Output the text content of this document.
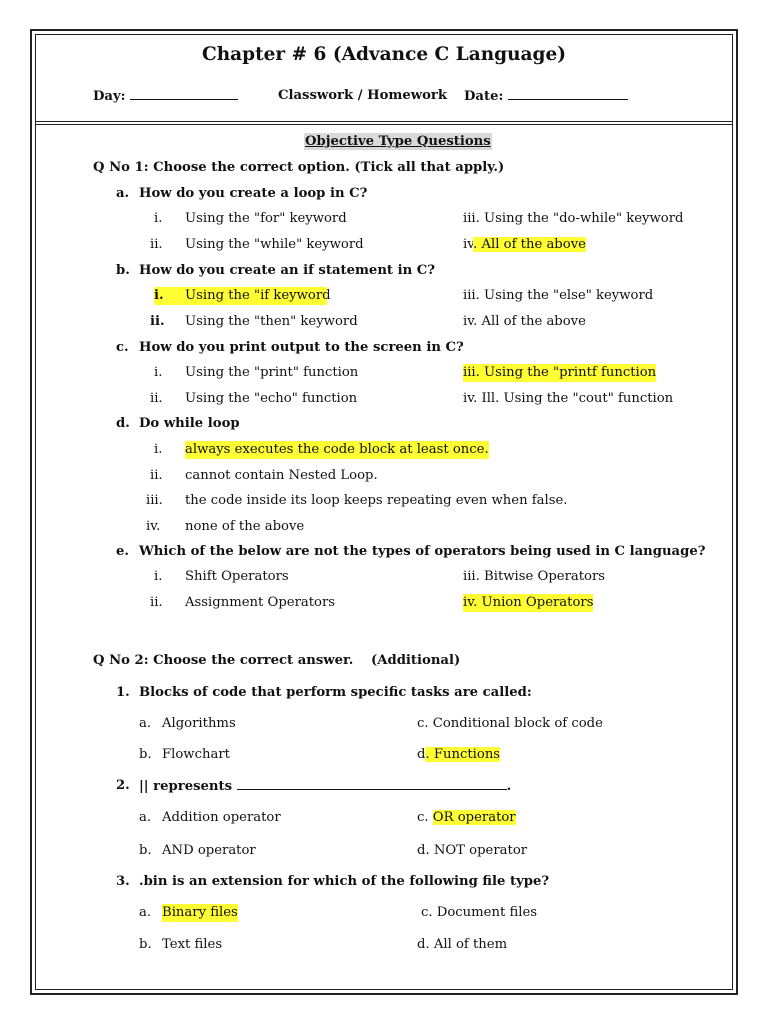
Chapter # 6 (Advance C Language)
Day:	Classwork / Homework Date:
Objective Type Questions
Q No 1: Choose the correct option. (Tick all that apply.)
a. How do you create a loop in C?
i. Using the "for" keyword
ii. Using the "while" keyword
iii. Using the "do-while" keyword
iv. All of the above
b. How do you create an if statement in C?
i. Using the "if keyword
ii. Using the "then" keyword
iii. Using the "else" keyword
iv. All of the above
c. How do you print output to the screen in C?
i. Using the "print" function
ii. Using the "echo" function
iii. Using the "printf function
iv. Ill. Using the "cout" function
d. Do while loop
i. always executes the code block at least once.
ii. cannot contain Nested Loop.
iii. the code inside its loop keeps repeating even when false.
iv. none of the above
e. Which of the below are not the types of operators being used in C language?
i. Shift Operators
ii. Assignment Operators
iii. Bitwise Operators
iv. Union Operators
Q No 2: Choose the correct answer. (Additional)
1. Blocks of code that perform specific tasks are called:
a. Algorithms
b. Flowchart
c. Conditional block of code
d. Functions
2. || represents	.
a. Addition operator
b. AND operator
c. OR operator
d. NOT operator
3. .bin is an extension for which of the following file type?
a. Binary files
b. Text files
c. Document files
d. All of them
